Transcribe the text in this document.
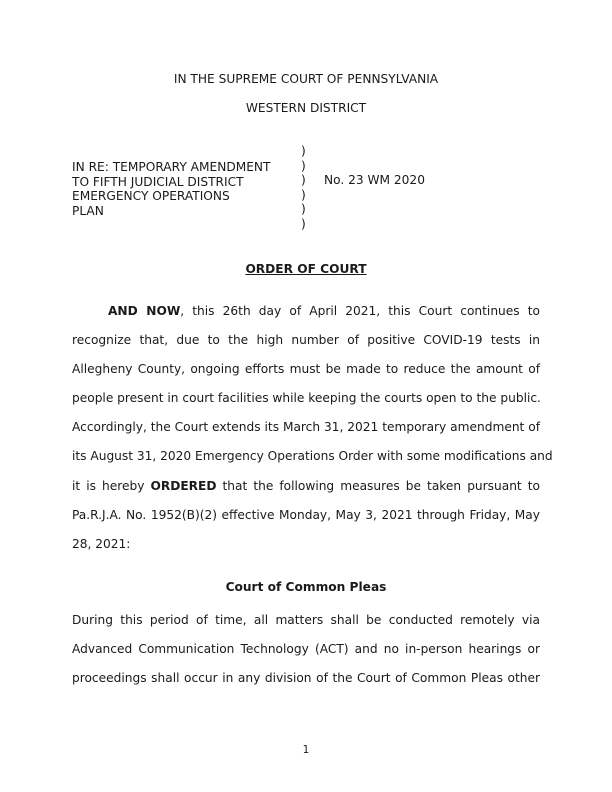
IN THE SUPREME COURT OF PENNSYLVANIA
WESTERN DISTRICT
IN RE: TEMPORARY AMENDMENT
TO FIFTH JUDICIAL DISTRICT
EMERGENCY OPERATIONS
PLAN
)
)
)
)
)
)
No. 23 WM 2020
ORDER OF COURT
AND NOW, this 26th day of April 2021, this Court continues to
recognize that, due to the high number of positive COVID-19 tests in
Allegheny County, ongoing efforts must be made to reduce the amount of
people present in court facilities while keeping the courts open to the public.
Accordingly, the Court extends its March 31, 2021 temporary amendment of
its August 31, 2020 Emergency Operations Order with some modifications and
it is hereby ORDERED that the following measures be taken pursuant to
Pa.R.J.A. No. 1952(B)(2) effective Monday, May 3, 2021 through Friday, May
28, 2021:
Court of Common Pleas
During this period of time, all matters shall be conducted remotely via
Advanced Communication Technology (ACT) and no in-person hearings or
proceedings shall occur in any division of the Court of Common Pleas other
1
